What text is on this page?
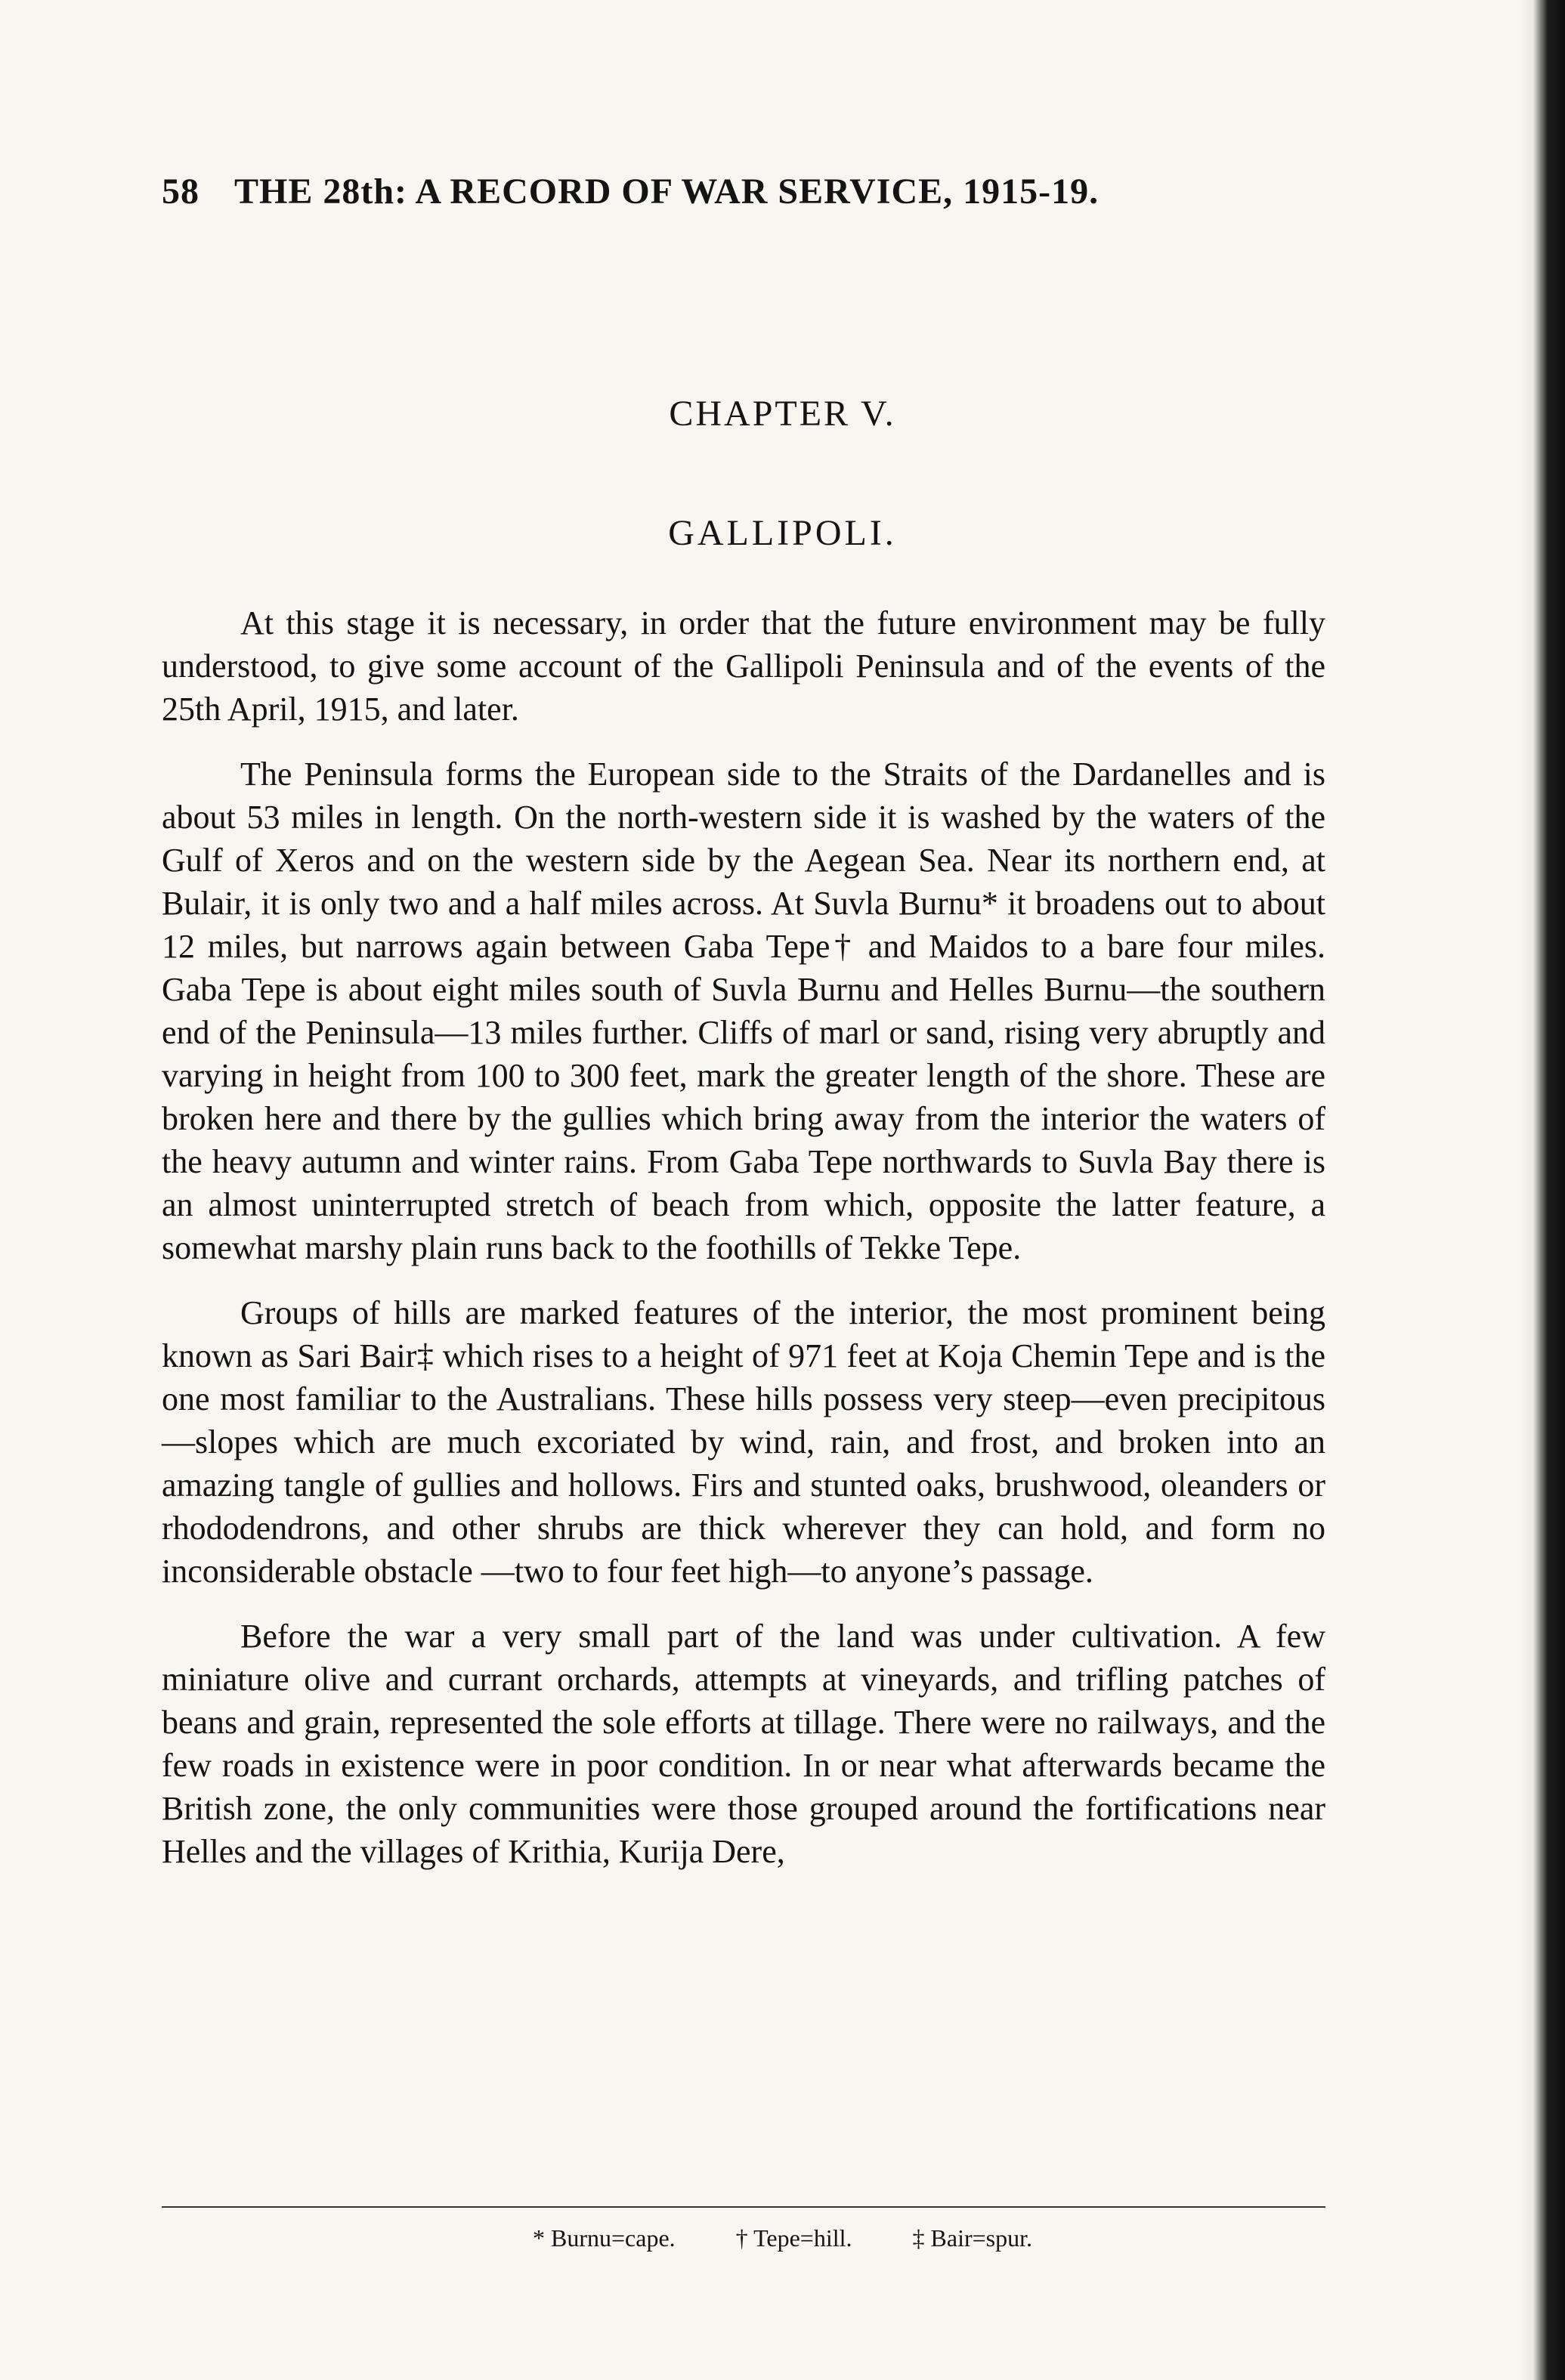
58 THE 28th: A RECORD OF WAR SERVICE, 1915-19.
CHAPTER V.
GALLIPOLI.

At this stage it is necessary, in order that the future environment may be fully understood, to give some account of the Gallipoli Peninsula and of the events of the 25th April, 1915, and later.

The Peninsula forms the European side to the Straits of the Dardanelles and is about 53 miles in length. On the north-western side it is washed by the waters of the Gulf of Xeros and on the western side by the Aegean Sea. Near its northern end, at Bulair, it is only two and a half miles across. At Suvla Burnu* it broadens out to about 12 miles, but narrows again between Gaba Tepe† and Maidos to a bare four miles. Gaba Tepe is about eight miles south of Suvla Burnu and Helles Burnu—the southern end of the Peninsula—13 miles further. Cliffs of marl or sand, rising very abruptly and varying in height from 100 to 300 feet, mark the greater length of the shore. These are broken here and there by the gullies which bring away from the interior the waters of the heavy autumn and winter rains. From Gaba Tepe northwards to Suvla Bay there is an almost uninterrupted stretch of beach from which, opposite the latter feature, a somewhat marshy plain runs back to the foothills of Tekke Tepe.

Groups of hills are marked features of the interior, the most prominent being known as Sari Bair‡ which rises to a height of 971 feet at Koja Chemin Tepe and is the one most familiar to the Australians. These hills possess very steep—even precipitous—slopes which are much excoriated by wind, rain, and frost, and broken into an amazing tangle of gullies and hollows. Firs and stunted oaks, brushwood, oleanders or rhododendrons, and other shrubs are thick wherever they can hold, and form no inconsiderable obstacle —two to four feet high—to anyone’s passage.

Before the war a very small part of the land was under cultivation. A few miniature olive and currant orchards, attempts at vineyards, and trifling patches of beans and grain, represented the sole efforts at tillage. There were no railways, and the few roads in existence were in poor condition. In or near what afterwards became the British zone, the only communities were those grouped around the fortifications near Helles and the villages of Krithia, Kurija Dere,

* Burnu=cape.	† Tepe=hill.	‡ Bair=spur.
